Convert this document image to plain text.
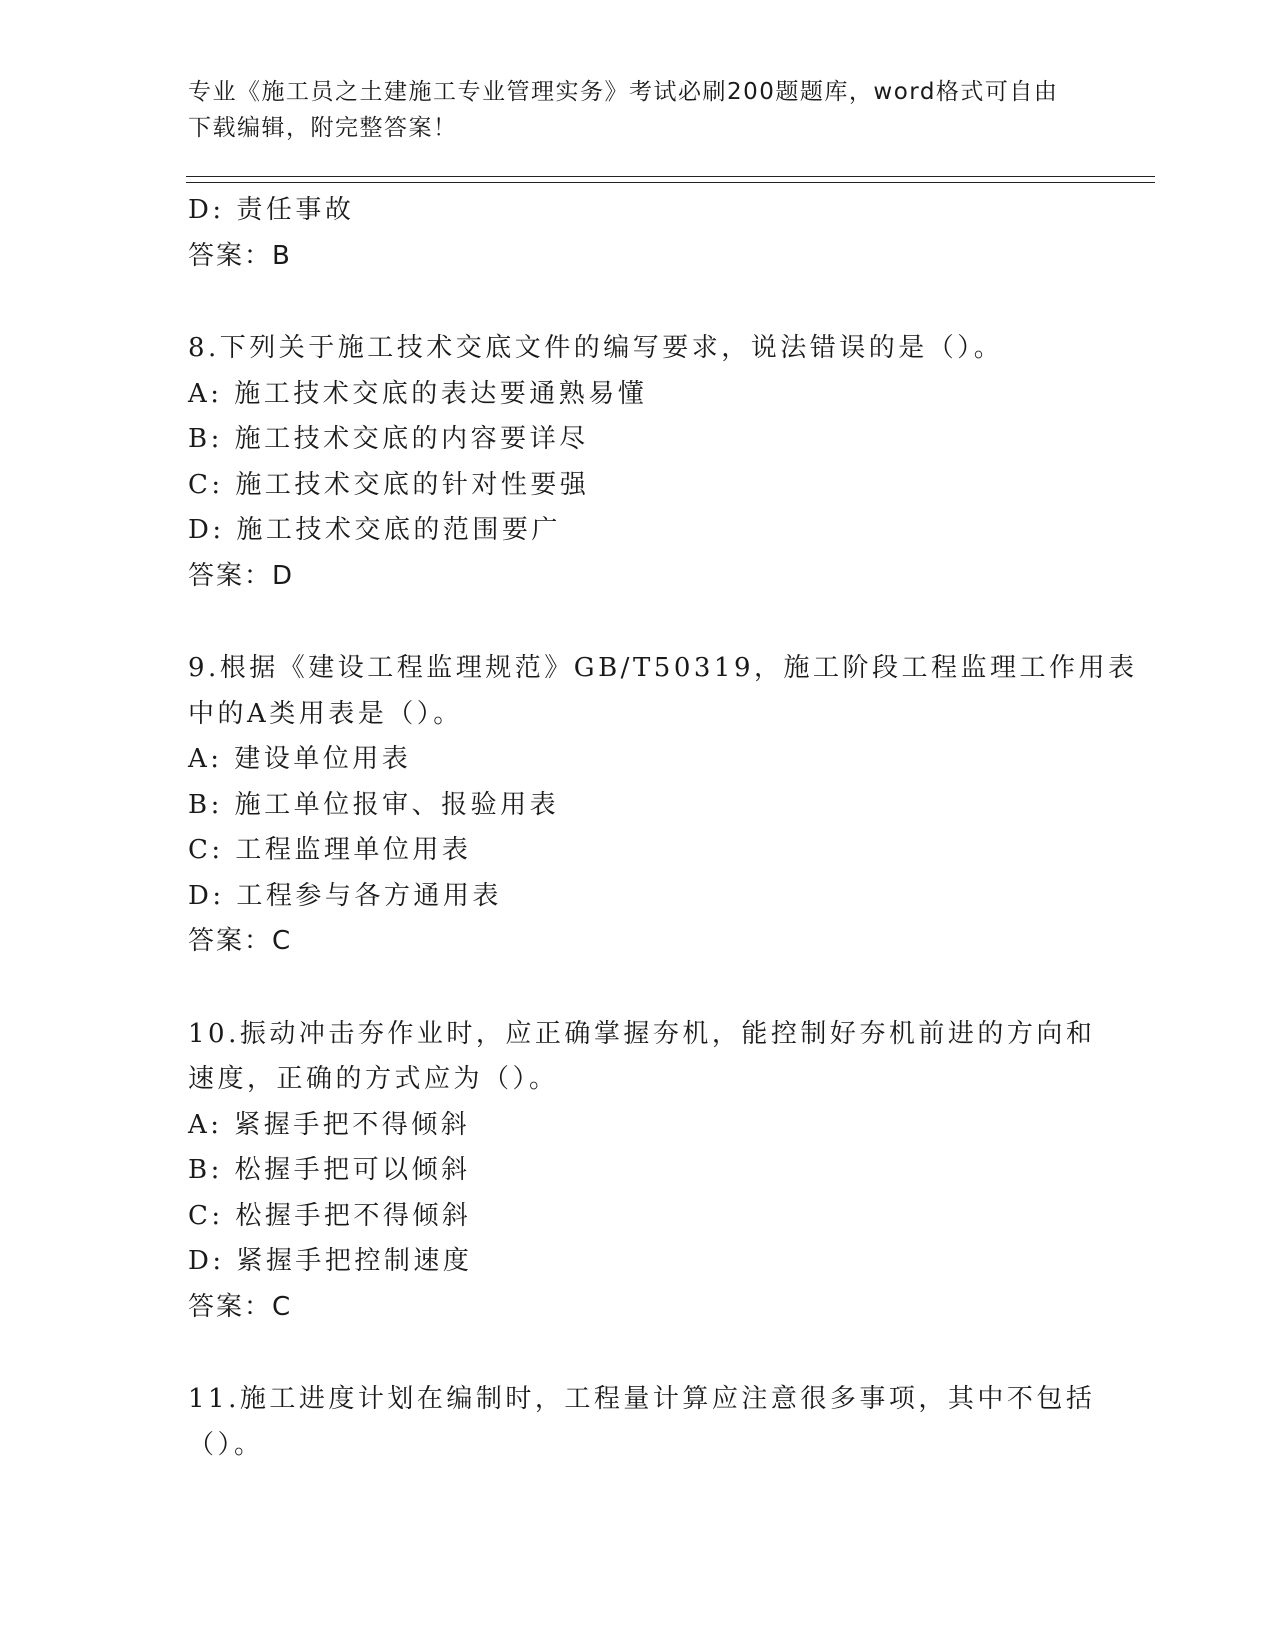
专业《施工员之土建施工专业管理实务》考试必刷200题题库，word格式可自由
下载编辑，附完整答案！
D: 责任事故
答案：B
8.下列关于施工技术交底文件的编写要求，说法错误的是（）。
A: 施工技术交底的表达要通熟易懂
B: 施工技术交底的内容要详尽
C: 施工技术交底的针对性要强
D: 施工技术交底的范围要广
答案：D
9.根据《建设工程监理规范》GB/T50319，施工阶段工程监理工作用表
中的A类用表是（）。
A: 建设单位用表
B: 施工单位报审、报验用表
C: 工程监理单位用表
D: 工程参与各方通用表
答案：C
10.振动冲击夯作业时，应正确掌握夯机，能控制好夯机前进的方向和
速度，正确的方式应为（）。
A: 紧握手把不得倾斜
B: 松握手把可以倾斜
C: 松握手把不得倾斜
D: 紧握手把控制速度
答案：C
11.施工进度计划在编制时，工程量计算应注意很多事项，其中不包括
（）。
